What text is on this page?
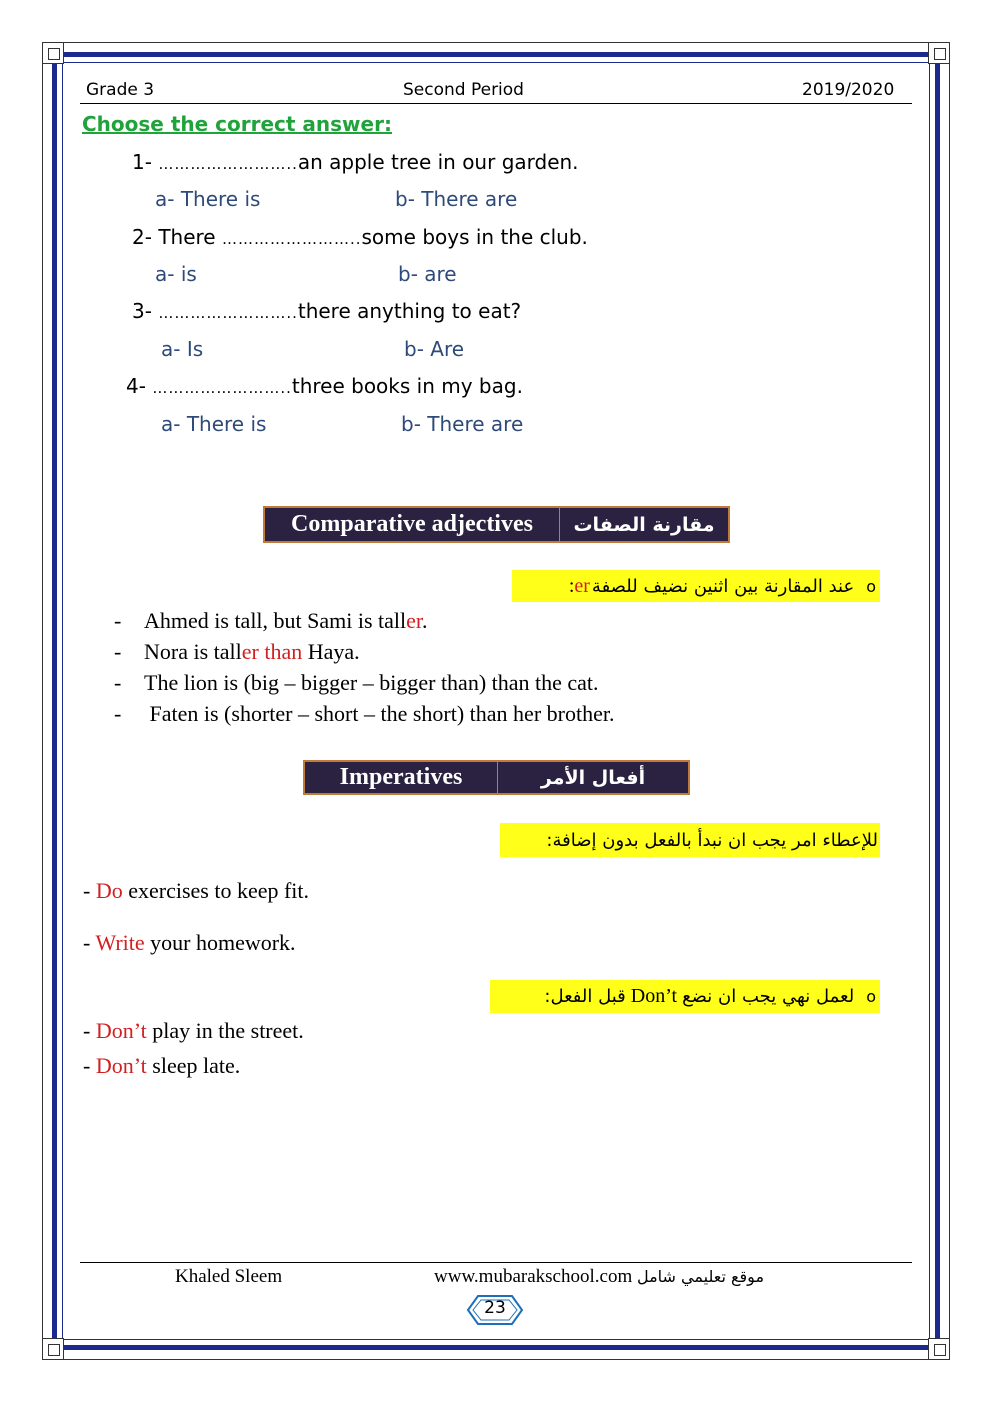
Grade 3	Second Period	2019/2020
Choose the correct answer:
1- ……………………..an apple tree in our garden.
a- There is	b- There are
2- There ……………………..some boys in the club.
a- is	b- are
3- ……………………..there anything to eat?
a- Is	b- Are
4- ……………………..three books in my bag.
a- There is	b- There are
Comparative adjectives	مقارنة الصفات
: er عند المقارنة بين اثنين نضيف للصفة o
- Ahmed is tall, but Sami is taller.
- Nora is taller than Haya.
- The lion is (big – bigger – bigger than) than the cat.
- Faten is (shorter – short – the short) than her brother.
Imperatives	أفعال الأمر
للإعطاء امر يجب ان نبدأ بالفعل بدون إضافة:
- Do exercises to keep fit.
- Write your homework.
قبل الفعل: Don’t لعمل نهي يجب ان نضع o
- Don’t play in the street.
- Don’t sleep late.
Khaled Sleem	www.mubarakschool.com موقع تعليمي شامل
23
